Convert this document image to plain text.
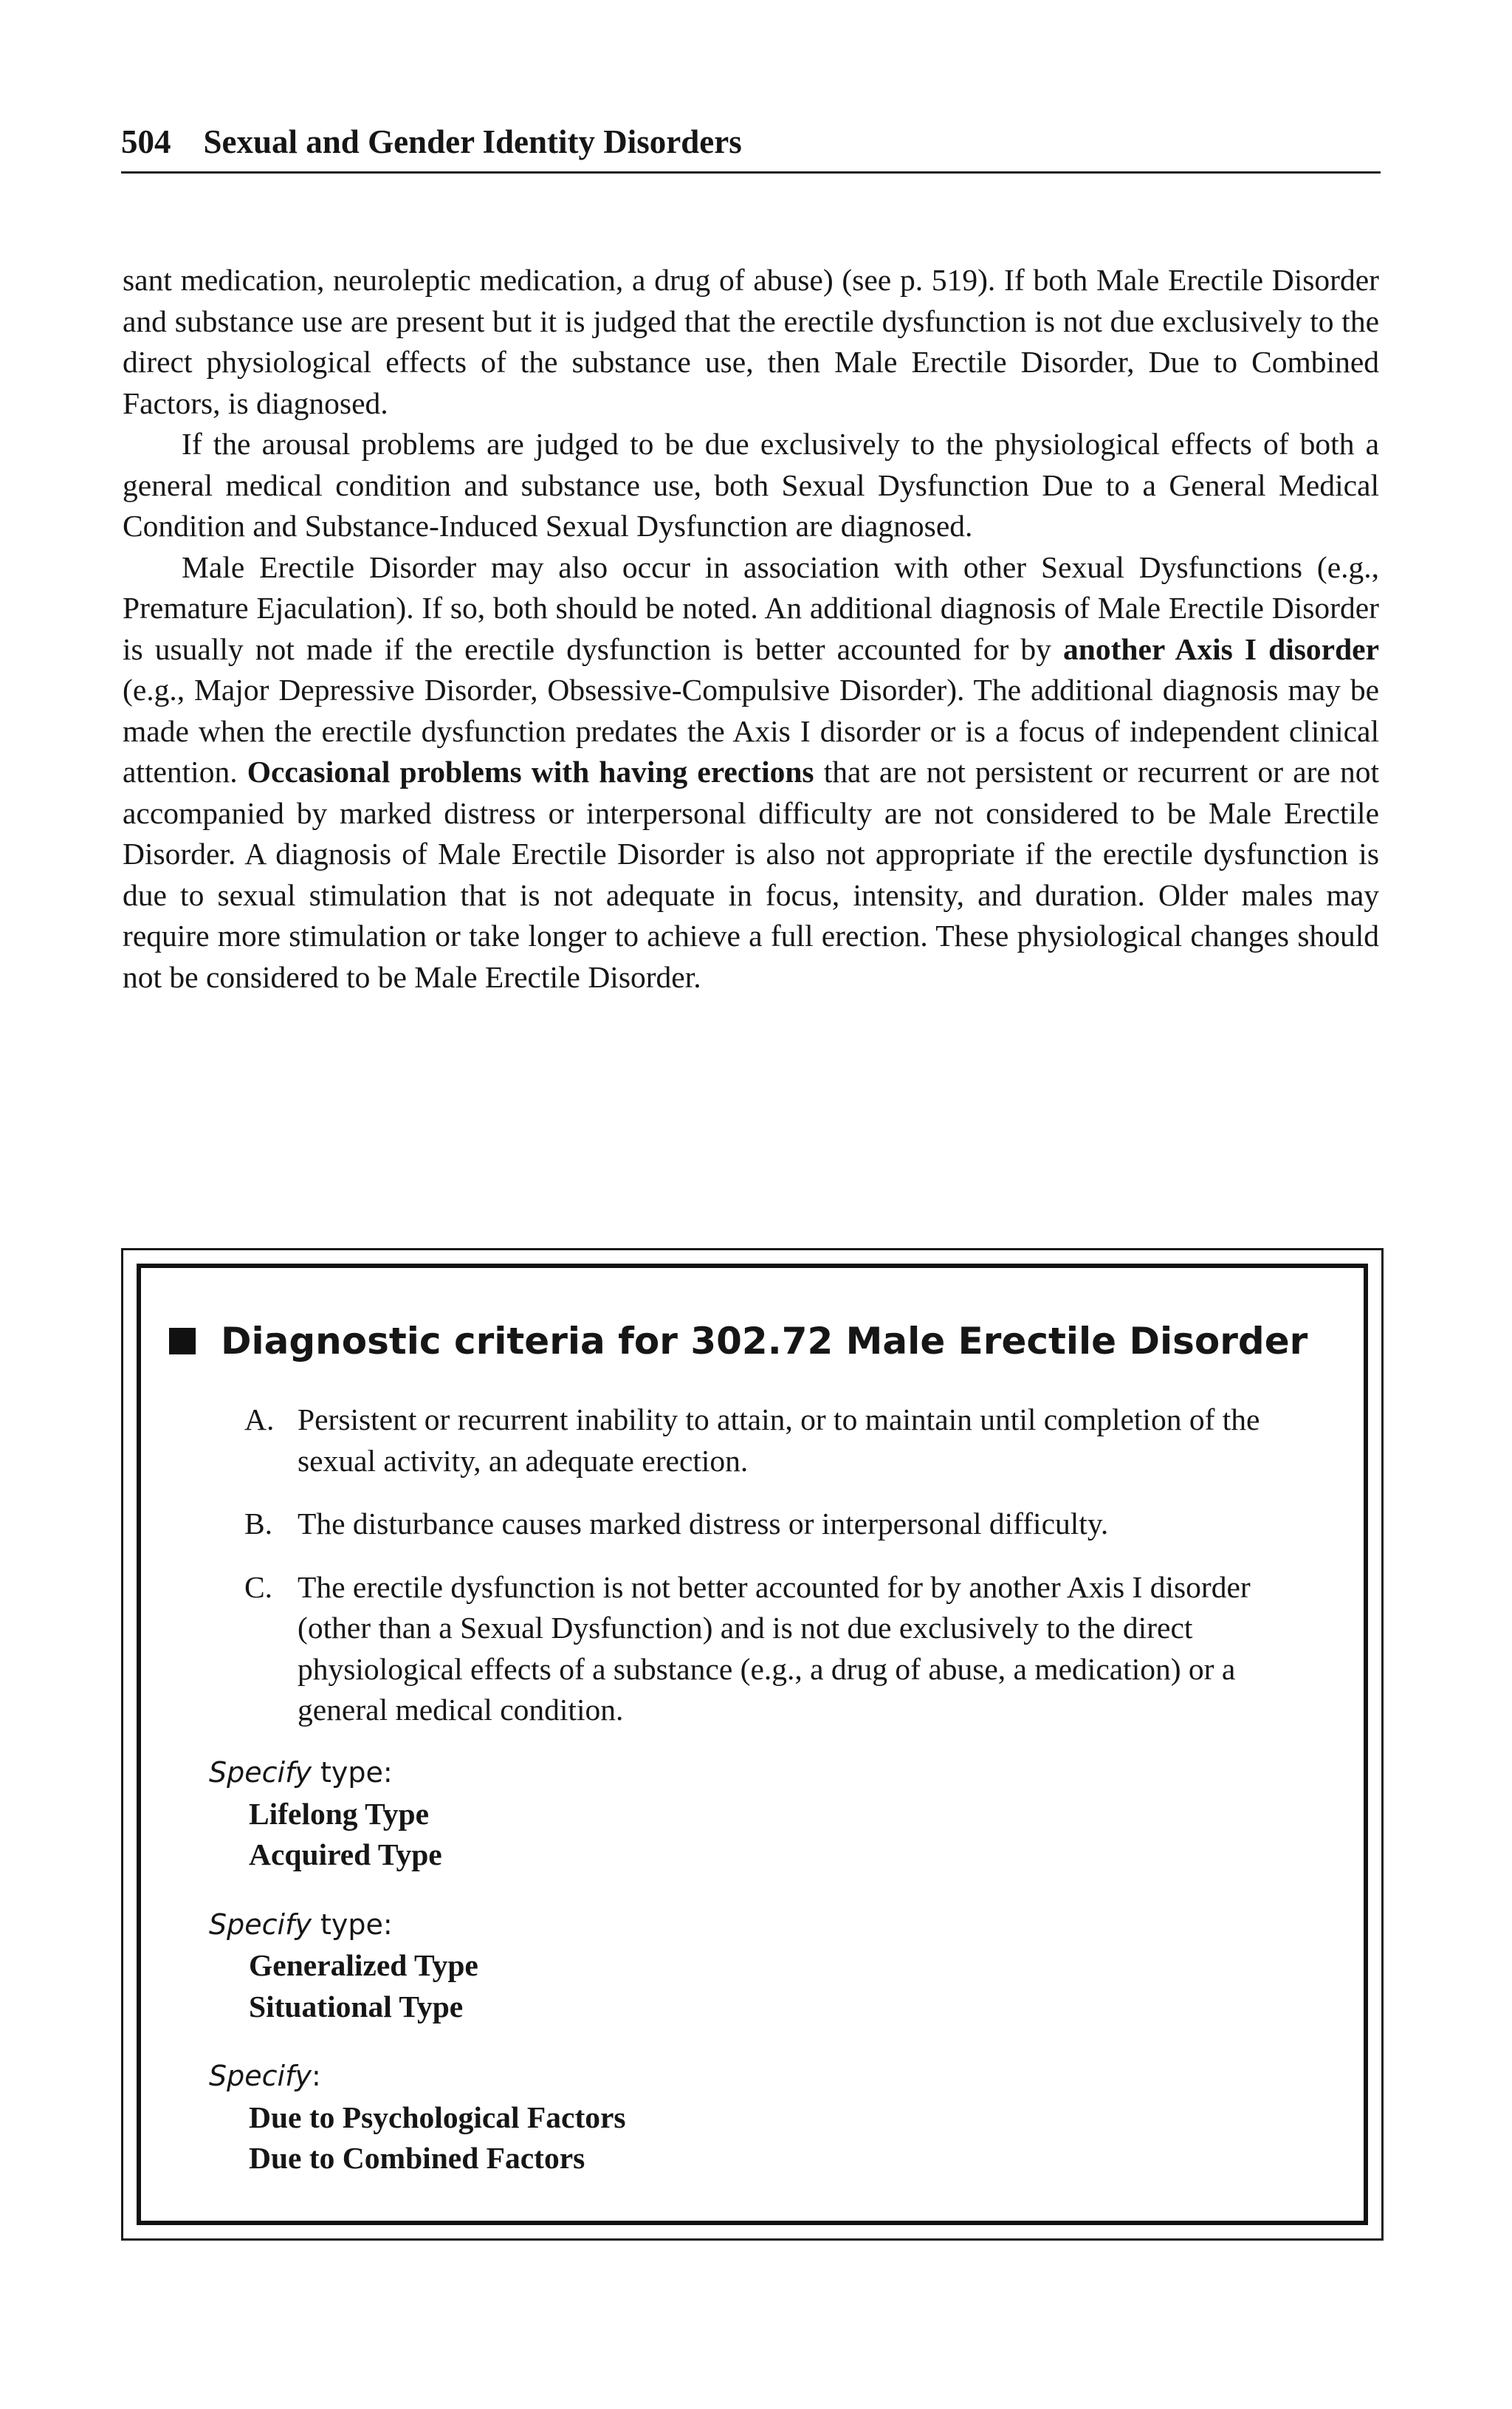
504 Sexual and Gender Identity Disorders

sant medication, neuroleptic medication, a drug of abuse) (see p. 519). If both Male Erectile Disorder and substance use are present but it is judged that the erectile dysfunction is not due exclusively to the direct physiological effects of the substance use, then Male Erectile Disorder, Due to Combined Factors, is diagnosed.

If the arousal problems are judged to be due exclusively to the physiological effects of both a general medical condition and substance use, both Sexual Dysfunction Due to a General Medical Condition and Substance-Induced Sexual Dysfunction are diagnosed.

Male Erectile Disorder may also occur in association with other Sexual Dysfunctions (e.g., Premature Ejaculation). If so, both should be noted. An additional diagnosis of Male Erectile Disorder is usually not made if the erectile dysfunction is better accounted for by another Axis I disorder (e.g., Major Depressive Disorder, Obsessive-Compulsive Disorder). The additional diagnosis may be made when the erectile dysfunction predates the Axis I disorder or is a focus of independent clinical attention. Occasional problems with having erections that are not persistent or recurrent or are not accompanied by marked distress or interpersonal difficulty are not considered to be Male Erectile Disorder. A diagnosis of Male Erectile Disorder is also not appropriate if the erectile dysfunction is due to sexual stimulation that is not adequate in focus, intensity, and duration. Older males may require more stimulation or take longer to achieve a full erection. These physiological changes should not be considered to be Male Erectile Disorder.

Diagnostic criteria for 302.72 Male Erectile Disorder
A. Persistent or recurrent inability to attain, or to maintain until completion of the sexual activity, an adequate erection.
B. The disturbance causes marked distress or interpersonal difficulty.
C. The erectile dysfunction is not better accounted for by another Axis I disorder (other than a Sexual Dysfunction) and is not due exclusively to the direct physiological effects of a substance (e.g., a drug of abuse, a medication) or a general medical condition.
Specify type:
Lifelong Type
Acquired Type
Specify type:
Generalized Type
Situational Type
Specify:
Due to Psychological Factors
Due to Combined Factors
